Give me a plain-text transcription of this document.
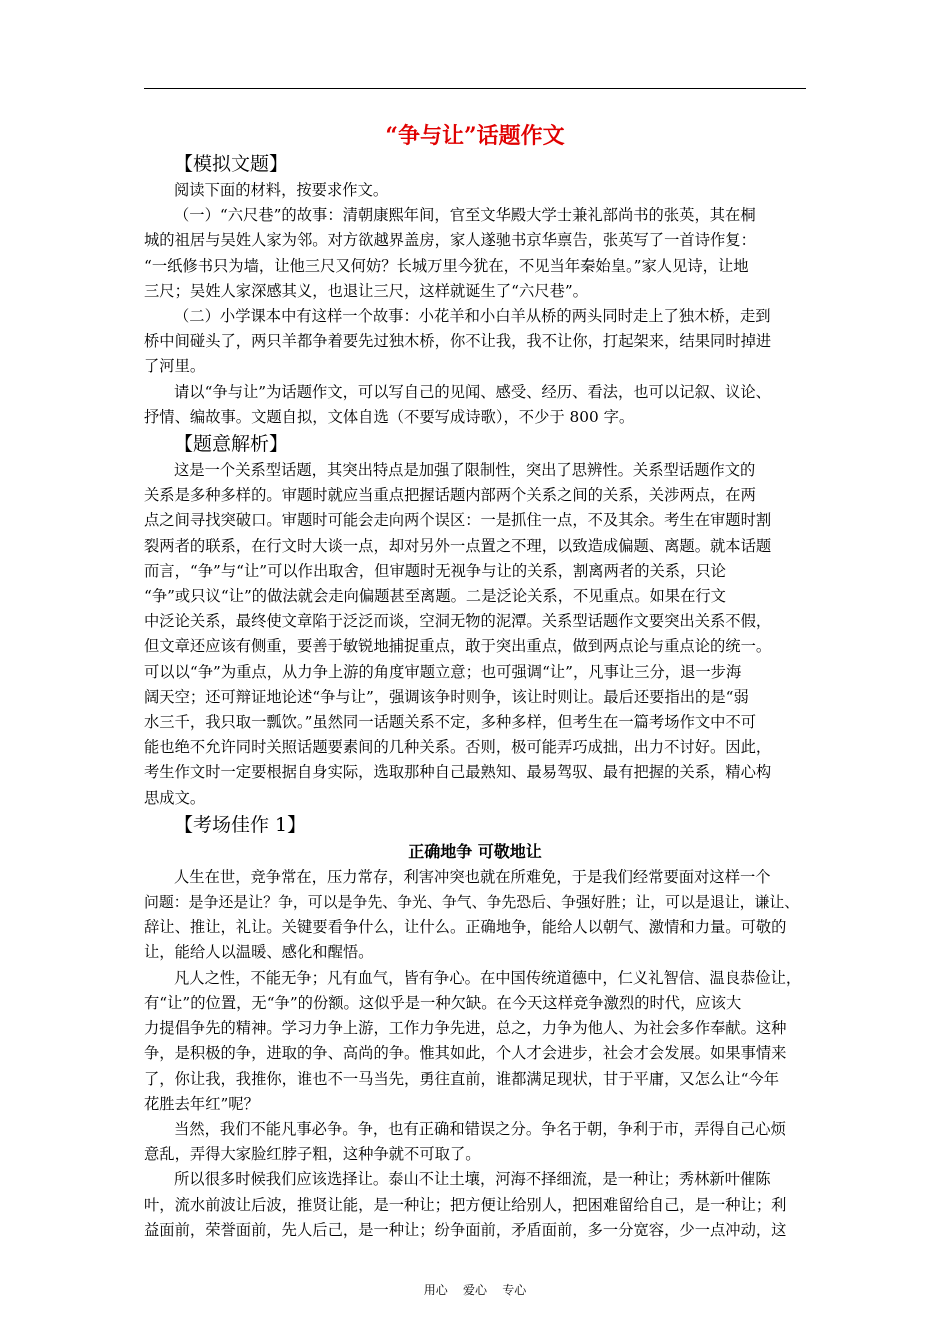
“争与让”话题作文
【模拟文题】
阅读下面的材料，按要求作文。
（一）“六尺巷”的故事：清朝康熙年间，官至文华殿大学士兼礼部尚书的张英，其在桐
城的祖居与吴姓人家为邻。对方欲越界盖房，家人遂驰书京华禀告，张英写了一首诗作复：
“一纸修书只为墙，让他三尺又何妨？长城万里今犹在，不见当年秦始皇。”家人见诗，让地
三尺；吴姓人家深感其义，也退让三尺，这样就诞生了“六尺巷”。
（二）小学课本中有这样一个故事：小花羊和小白羊从桥的两头同时走上了独木桥，走到
桥中间碰头了，两只羊都争着要先过独木桥，你不让我，我不让你，打起架来，结果同时掉进
了河里。
请以“争与让”为话题作文，可以写自己的见闻、感受、经历、看法，也可以记叙、议论、
抒情、编故事。文题自拟，文体自选（不要写成诗歌），不少于 800 字。
【题意解析】
这是一个关系型话题，其突出特点是加强了限制性，突出了思辨性。关系型话题作文的
关系是多种多样的。审题时就应当重点把握话题内部两个关系之间的关系，关涉两点，在两
点之间寻找突破口。审题时可能会走向两个误区：一是抓住一点，不及其余。考生在审题时割
裂两者的联系，在行文时大谈一点，却对另外一点置之不理，以致造成偏题、离题。就本话题
而言，“争”与“让”可以作出取舍，但审题时无视争与让的关系，割离两者的关系，只论
“争”或只议“让”的做法就会走向偏题甚至离题。二是泛论关系，不见重点。如果在行文
中泛论关系，最终使文章陷于泛泛而谈，空洞无物的泥潭。关系型话题作文要突出关系不假，
但文章还应该有侧重，要善于敏锐地捕捉重点，敢于突出重点，做到两点论与重点论的统一。
可以以“争”为重点，从力争上游的角度审题立意；也可强调“让”，凡事让三分，退一步海
阔天空；还可辩证地论述“争与让”，强调该争时则争，该让时则让。最后还要指出的是“弱
水三千，我只取一瓢饮。”虽然同一话题关系不定，多种多样，但考生在一篇考场作文中不可
能也绝不允许同时关照话题要素间的几种关系。否则，极可能弄巧成拙，出力不讨好。因此，
考生作文时一定要根据自身实际，选取那种自己最熟知、最易驾驭、最有把握的关系，精心构
思成文。
【考场佳作 1】
正确地争 可敬地让
人生在世，竞争常在，压力常存，利害冲突也就在所难免，于是我们经常要面对这样一个
问题：是争还是让？争，可以是争先、争光、争气、争先恐后、争强好胜；让，可以是退让，谦让、
辞让、推让，礼让。关键要看争什么，让什么。正确地争，能给人以朝气、激情和力量。可敬的
让，能给人以温暖、感化和醒悟。
凡人之性，不能无争；凡有血气，皆有争心。在中国传统道德中，仁义礼智信、温良恭俭让，
有“让”的位置，无“争”的份额。这似乎是一种欠缺。在今天这样竞争激烈的时代，应该大
力提倡争先的精神。学习力争上游，工作力争先进，总之，力争为他人、为社会多作奉献。这种
争，是积极的争，进取的争、高尚的争。惟其如此，个人才会进步，社会才会发展。如果事情来
了，你让我，我推你，谁也不一马当先，勇往直前，谁都满足现状，甘于平庸，又怎么让“今年
花胜去年红”呢？
当然，我们不能凡事必争。争，也有正确和错误之分。争名于朝，争利于市，弄得自己心烦
意乱，弄得大家脸红脖子粗，这种争就不可取了。
所以很多时候我们应该选择让。泰山不让土壤，河海不择细流，是一种让；秀林新叶催陈
叶，流水前波让后波，推贤让能，是一种让；把方便让给别人，把困难留给自己，是一种让；利
益面前，荣誉面前，先人后己，是一种让；纷争面前，矛盾面前，多一分宽容，少一点冲动，这
用心    爱心    专心
